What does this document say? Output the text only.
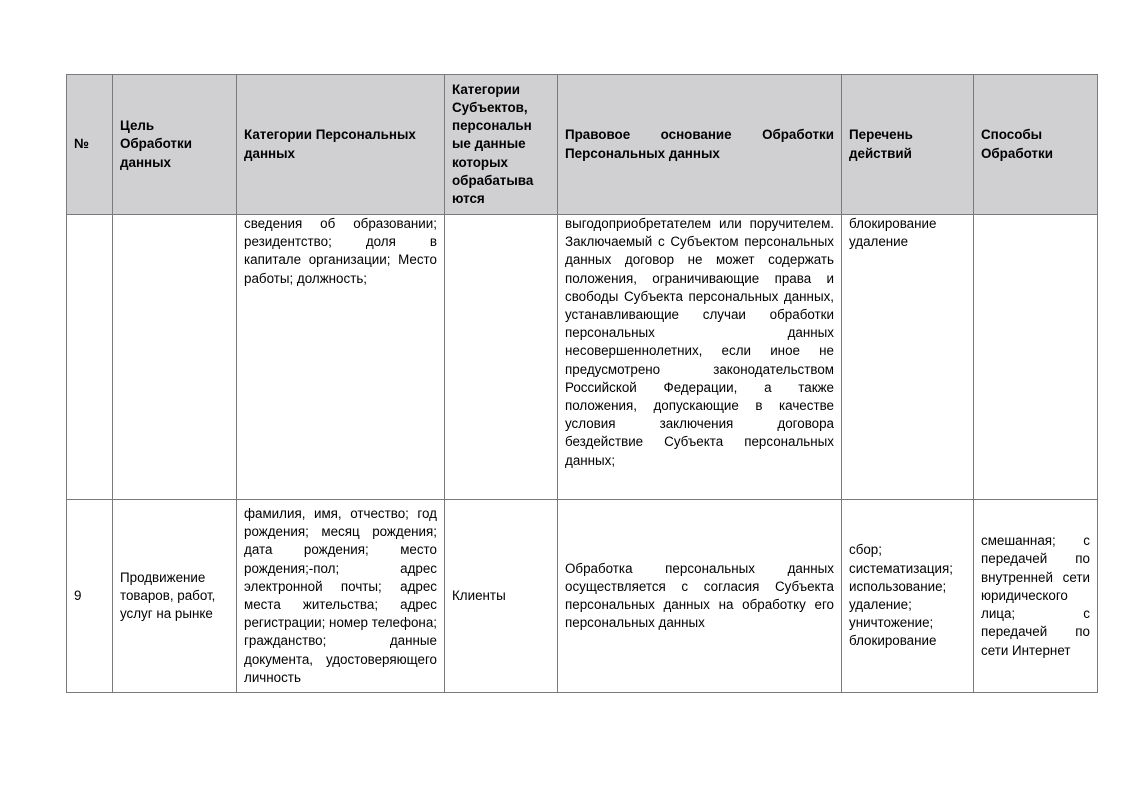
№	Цель Обработки данных	Категории Персональных данных	Категории Субъектов, персональн ые данные которых обрабатыва ются	Правовое основание Обработки Персональных данных	Перечень действий	Способы Обработки
		сведения об образовании; резидентство; доля в капитале организации; Место работы; должность;		выгодоприобретателем или поручителем. Заключаемый с Субъектом персональных данных договор не может содержать положения, ограничивающие права и свободы Субъекта персональных данных, устанавливающие случаи обработки персональных данных несовершеннолетних, если иное не предусмотрено законодательством Российской Федерации, а также положения, допускающие в качестве условия заключения договора бездействие Субъекта персональных данных;	блокирование удаление	
9	Продвижение товаров, работ, услуг на рынке	фамилия, имя, отчество; год рождения; месяц рождения; дата рождения; место рождения;-пол; адрес электронной почты; адрес места жительства; адрес регистрации; номер телефона; гражданство; данные документа, удостоверяющего личность	Клиенты	Обработка персональных данных осуществляется с согласия Субъекта персональных данных на обработку его персональных данных	сбор; систематизация; использование; удаление; уничтожение; блокирование	смешанная; с передачей по внутренней сети юридического лица; с передачей по сети Интернет
